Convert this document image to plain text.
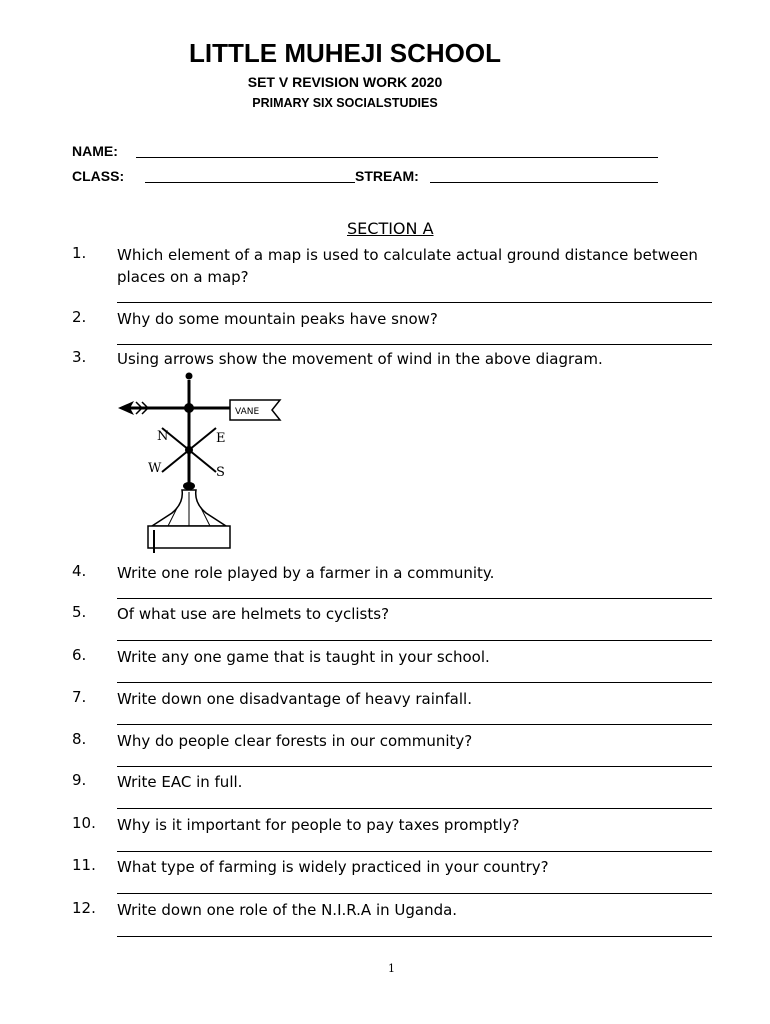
LITTLE MUHEJI SCHOOL
SET V REVISION WORK 2020
PRIMARY SIX SOCIALSTUDIES
NAME:
CLASS:	STREAM:
SECTION A
1. Which element of a map is used to calculate actual ground distance between places on a map?
2. Why do some mountain peaks have snow?
3. Using arrows show the movement of wind in the above diagram.
VANE
N	E
W	S
4. Write one role played by a farmer in a community.
5. Of what use are helmets to cyclists?
6. Write any one game that is taught in your school.
7. Write down one disadvantage of heavy rainfall.
8. Why do people clear forests in our community?
9. Write EAC in full.
10. Why is it important for people to pay taxes promptly?
11. What type of farming is widely practiced in your country?
12. Write down one role of the N.I.R.A in Uganda.
1
